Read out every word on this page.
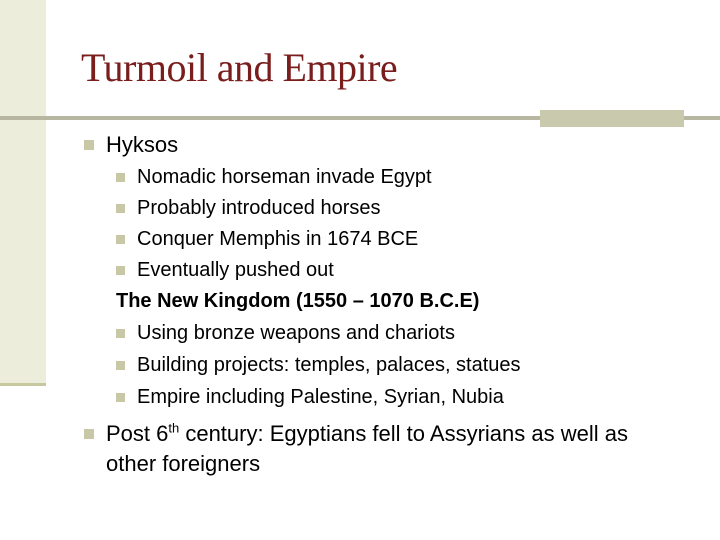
Turmoil and Empire
Hyksos
Nomadic horseman invade Egypt
Probably introduced horses
Conquer Memphis in 1674 BCE
Eventually pushed out
The New Kingdom (1550 – 1070 B.C.E)
Using bronze weapons and chariots
Building projects: temples, palaces, statues
Empire including Palestine, Syrian, Nubia
Post 6th century: Egyptians fell to Assyrians as well as
other foreigners
